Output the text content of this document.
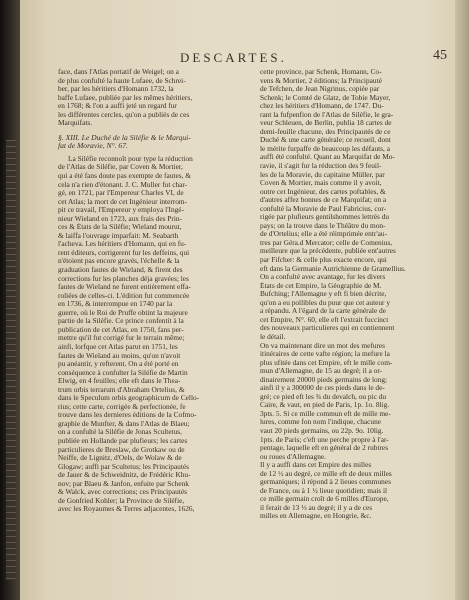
DESCARTES.	45
face, dans l'Atlas portatif de Weigel; on a
de plus confulté la haute Lufaee, de Schrei-
ber, par les héritiers d'Homann 1732, la
baffe Lufaee, publiée par les mêmes héritiers,
en 1768; & l'on a auffi jeté un regard fur
les différentes cercles, qu'on a publiés de ces
Marquifats.
§. XIII. Le Duché de la Siléfie & le Marqui-
fat de Moravie, N°. 67.
La Siléfie reconnoît pour type la réduction
de l'Atlas de Siléfie, par Coven & Mortier,
qui a été fans doute pas exempte de fautes, &
cela n'a rien d'étonant. J. C. Muller fut char-
gé, en 1721, par l'Empereur Charles VI, de
cet Atlas; la mort de cet Ingénieur interrom-
pit ce travail, l'Empereur y employa l'Ingé-
nieur Wieland en 1723, aux frais des Prin-
ces & États de la Siléfie; Wieland mourut,
& laiffa l'ouvrage imparfait: M. Seabarth
l'acheva. Les héritiers d'Homann, qui en fu-
rent éditeurs, corrigerent fur les deffeins, qui
n'étoient pas encore gravés, l'échelle & la
graduation fautes de Wieland, & firent des
corrections fur les planches déja gravées; les
fautes de Wieland ne furent entièrement effa-
roliées de celles-ci. L'édition fut commencée
en 1736, & interrompue en 1740 par la
guerre, où le Roi de Pruffe obtint la majeure
partie de la Siléfie. Ce prince confentit à la
publication de cet Atlas, en 1750, fans per-
mettre qu'il fut corrigé fur le terrain même;
ainfi, lorfque cet Atlas parut en 1751, les
fautes de Wieland au moins, qu'on n'avoit
pu anéantir, y refterent. On a été porté en
conséquence à confulter la Siléfie de Martin
Elwig, en 4 feuilles; elle eft dans le Thea-
trum orbis terrarum d'Abraham Ortelius, &
dans le Speculum orbis geographicum de Cello-
rius; cette carte, corrigée & perfectionée, fe
trouve dans les dernieres éditions de la Cofmo-
graphie de Munfter, & dans l'Atlas de Blaeu;
on a confulté la Siléfie de Jonas Scultetus,
publiée en Hollande par plufieurs; les cartes
particulieres de Breslaw, de Grotkaw ou de
Neiffe, de Lignitz, d'Oels, de Wolaw & de
Glogaw; auffi par Scultetus; les Principautés
de Jauer & de Schweidnitz, de Frédéric Khu-
nov; par Blaeu & Janfon, enfuite par Schenk
& Walck, avec corrections; ces Principautés
de Gonfried Kohler; la Province de Siléfie,
avec les Royaumes & Terres adjacentes, 1626,
cette province, par Schenk, Homann, Co-
vens & Mortier, 2 éditions; la Principauté
de Tefchen, de Jean Nigrinus, copiée par
Schenk; le Comté de Glatz, de Tobie Mayer,
chez les héritiers d'Homann, de 1747. Du-
rant la fufpenfion de l'Atlas de Siléfie, le gra-
veur Schleuen, de Berlin, publia 18 cartes de
demi-feuille chacune, des Principautés de ce
Duché & une carte générale; ce recueil, dont
le mérite furpaffe de beaucoup les défauts, a
auffi été confulté. Quant au Marquifat de Mo-
ravie, il s'agit fur la réduction des 9 feuil-
les de la Moravie, du capitaine Müller, par
Coven & Mortier, mais comme il y avoit,
outre cet Ingénieur, des cartes poftables, &
d'autres affez bonnes de ce Marquifat; on a
confulté la Moravie de Paul Fabricius, cor-
rigée par plufieurs gentilshommes lettrés du
pays; on la trouve dans le Théâtre du mon-
de d'Ortelius; elle a été réimprimée entr'au-
tres par Géra.d Mercator; celle de Comenius,
meilleure que la précédente, publiée ent'autres
par Fifcher: & celle plus exacte encore, qui
eft dans la Germanie Autrichienne de Gramellius.
On a confulté avec avantage, fur les divers
États de cet Empire, la Géographie de M.
Bufching; l'Allemagne y eft fi bien décrite,
qu'on a eu pollibles du puur que cet auteur y
a répandu. A l'égard de la carte générale de
cet Empire, N°. 60, elle eft l'extrait fuccinct
des nouveaux particulieres qui en contiennent
le détail.
On va maintenant dire un mot des mefures
itinéraires de cette vafte région; la mefure la
plus ufitée dans cet Empire, eft le mille com-
mun d'Allemagne, de 15 au degré; il a or-
dinairement 20000 pieds germains de long;
ainfi il y a 300000 de ces pieds dans le de-
gré; ce pied eft les ¾ du devalch, ou pic du
Caire, & vaut, en pied de Paris, 1p. 1o. 8lig.
3pts. 5. Si ce mille commun eft de mille me-
lures, comme fon nom l'indique, chacune
vaut 20 pieds germains, ou 22p. 9o. 10lig.
1pts. de Paris; c'eft une perche propre à l'ar-
pentage, laquelle eft en général de 2 rubtres
ou roues d'Allemagne.
Il y a auffi dans cet Empire des milles
de 12 ½ au degré, ce mille eft de deux milles
germaniques; il répond à 2 lieues communes
de France, ou à 1 ½ lieue quotidien; mais il
ce mille germain croît de 6 milles d'Europe,
il ferait de 13 ⅓ au degré; il y a de ces
milles en Allemagne, en Hongrie, &c.
